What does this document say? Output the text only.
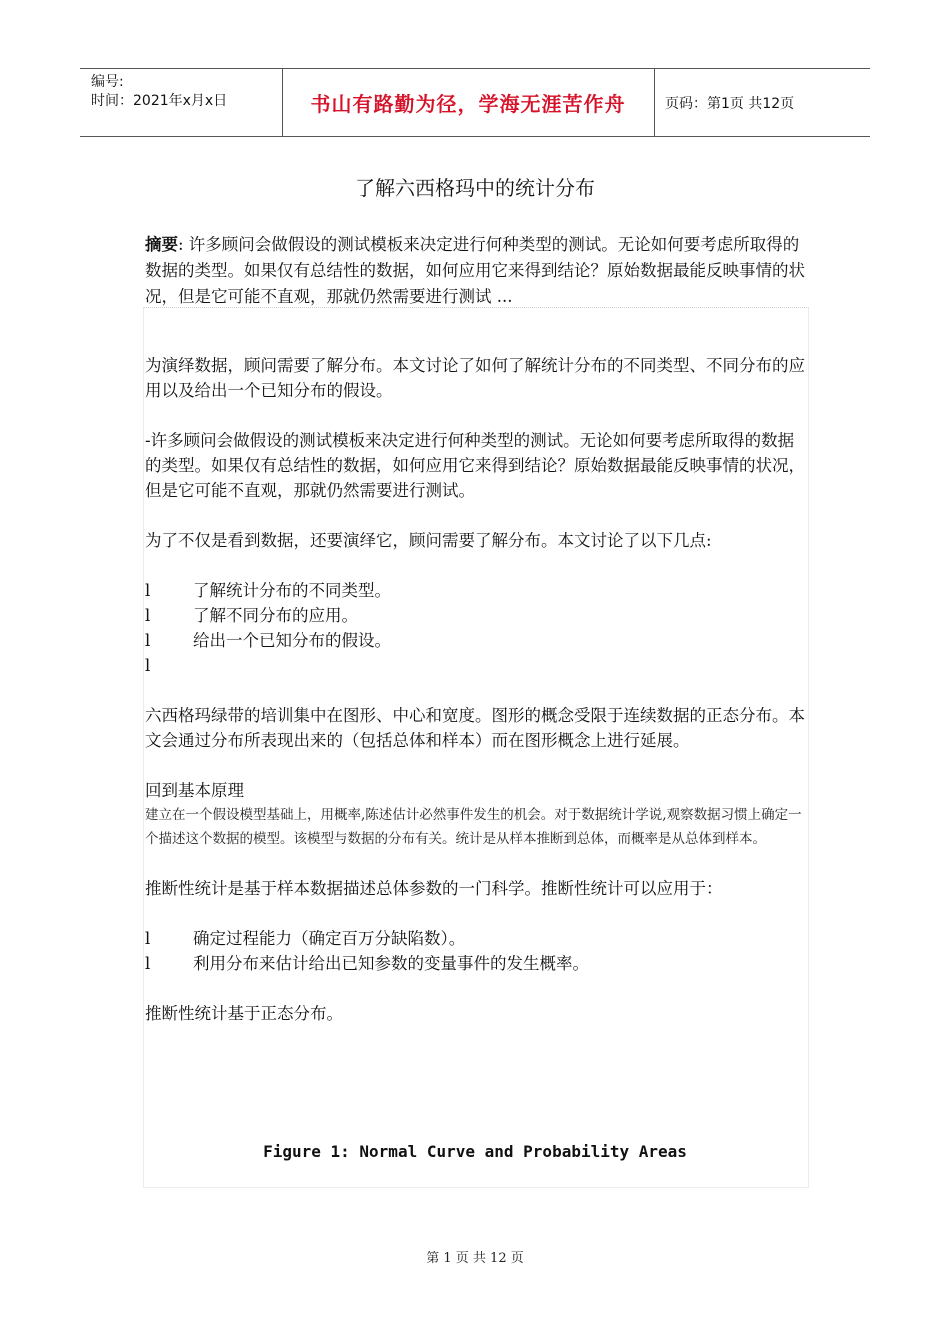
编号:
时间：2021年x月x日	书山有路勤为径，学海无涯苦作舟	页码：第1页 共12页
了解六西格玛中的统计分布
摘要: 许多顾问会做假设的测试模板来决定进行何种类型的测试。无论如何要考虑所取得的数据的类型。如果仅有总结性的数据，如何应用它来得到结论？原始数据最能反映事情的状况，但是它可能不直观，那就仍然需要进行测试 ...

为演绎数据，顾问需要了解分布。本文讨论了如何了解统计分布的不同类型、不同分布的应用以及给出一个已知分布的假设。

-许多顾问会做假设的测试模板来决定进行何种类型的测试。无论如何要考虑所取得的数据的类型。如果仅有总结性的数据，如何应用它来得到结论？原始数据最能反映事情的状况，但是它可能不直观，那就仍然需要进行测试。

为了不仅是看到数据，还要演绎它，顾问需要了解分布。本文讨论了以下几点:

l	了解统计分布的不同类型。
l	了解不同分布的应用。
l	给出一个已知分布的假设。
l

六西格玛绿带的培训集中在图形、中心和宽度。图形的概念受限于连续数据的正态分布。本文会通过分布所表现出来的（包括总体和样本）而在图形概念上进行延展。

回到基本原理

建立在一个假设模型基础上，用概率,陈述估计必然事件发生的机会。对于数据统计学说,观察数据习惯上确定一个描述这个数据的模型。该模型与数据的分布有关。统计是从样本推断到总体，而概率是从总体到样本。

推断性统计是基于样本数据描述总体参数的一门科学。推断性统计可以应用于：

l	确定过程能力（确定百万分缺陷数）。
l	利用分布来估计给出已知参数的变量事件的发生概率。

推断性统计基于正态分布。

Figure 1: Normal Curve and Probability Areas
第 1 页 共 12 页
